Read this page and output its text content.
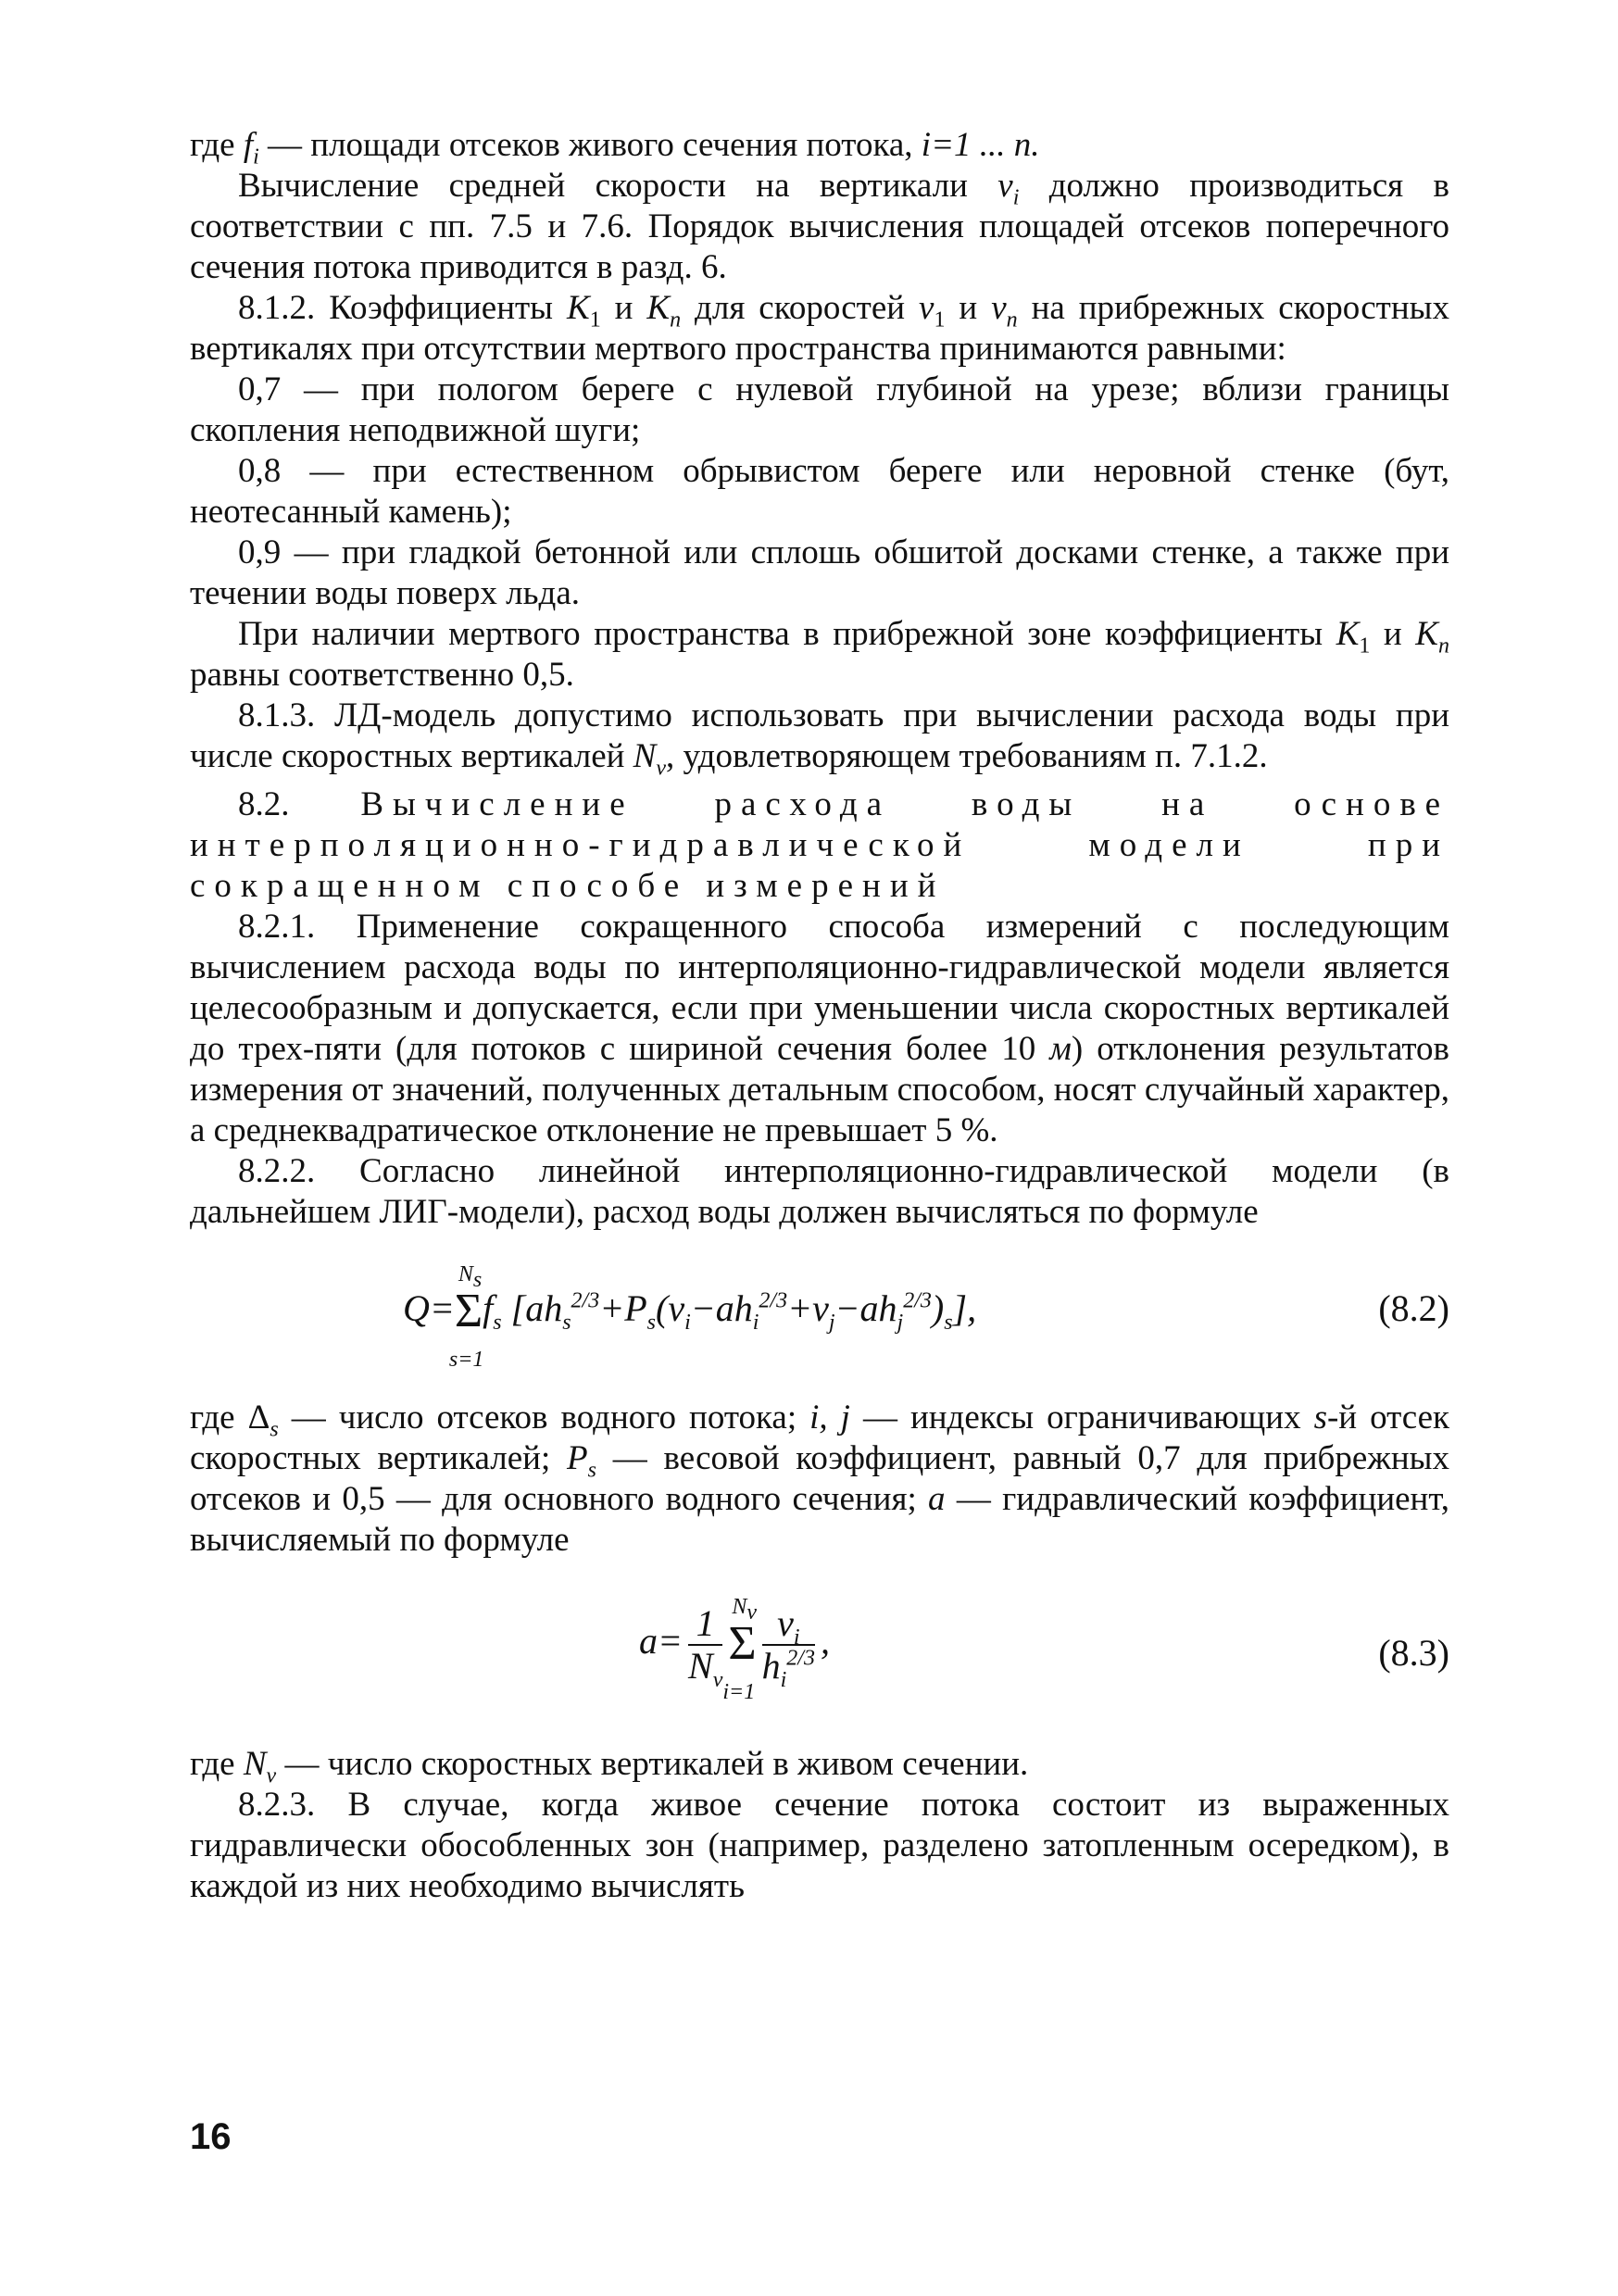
где $f_i$ — площади отсеков живого сечения потока, i=1 ... n.

Вычисление средней скорости на вертикали $v_i$ должно производиться в соответствии с пп. 7.5 и 7.6. Порядок вычисления площадей отсеков поперечного сечения потока приводится в разд. 6.

8.1.2. Коэффициенты $K_1$ и $K_n$ для скоростей $v_1$ и $v_n$ на прибрежных скоростных вертикалях при отсутствии мертвого пространства принимаются равными:

0,7 — при пологом береге с нулевой глубиной на урезе; вблизи границы скопления неподвижной шуги;

0,8 — при естественном обрывистом береге или неровной стенке (бут, неотесанный камень);

0,9 — при гладкой бетонной или сплошь обшитой досками стенке, а также при течении воды поверх льда.

При наличии мертвого пространства в прибрежной зоне коэффициенты $K_1$ и $K_n$ равны соответственно 0,5.

8.1.3. ЛД-модель допустимо использовать при вычислении расхода воды при числе скоростных вертикалей $N_v$, удовлетворяющем требованиям п. 7.1.2.

8.2. Вычисление расхода воды на основе интерполяционно-гидравлической модели при сокращенном способе измерений

8.2.1. Применение сокращенного способа измерений с последующим вычислением расхода воды по интерполяционно-гидравлической модели является целесообразным и допускается, если при уменьшении числа скоростных вертикалей до трех-пяти (для потоков с шириной сечения более 10 м) отклонения результатов измерения от значений, полученных детальным способом, носят случайный характер, а среднеквадратическое отклонение не превышает 5 %.

8.2.2. Согласно линейной интерполяционно-гидравлической модели (в дальнейшем ЛИГ-модели), расход воды должен вычисляться по формуле

Q=Σ
$N_s$
s=1
$f_s$ $[ah_s^{2/3}+P_s(v_i-ah_i^{2/3}+v_j-ah_j^{2/3})_s]$,	(8.2)

где $\Delta_s$ — число отсеков водного потока; i, j — индексы ограничивающих s-й отсек скоростных вертикалей; $P_s$ — весовой коэффициент, равный 0,7 для прибрежных отсеков и 0,5 — для основного водного сечения; a — гидравлический коэффициент, вычисляемый по формуле

$a= \frac{1}{N_v}$ Σ
$N_v$
i=1
$\frac{v_i}{h_i^{2/3}}$ ,	(8.3)

где $N_v$ — число скоростных вертикалей в живом сечении.

8.2.3. В случае, когда живое сечение потока состоит из выраженных гидравлически обособленных зон (например, разделено затопленным осередком), в каждой из них необходимо вычислять

16
